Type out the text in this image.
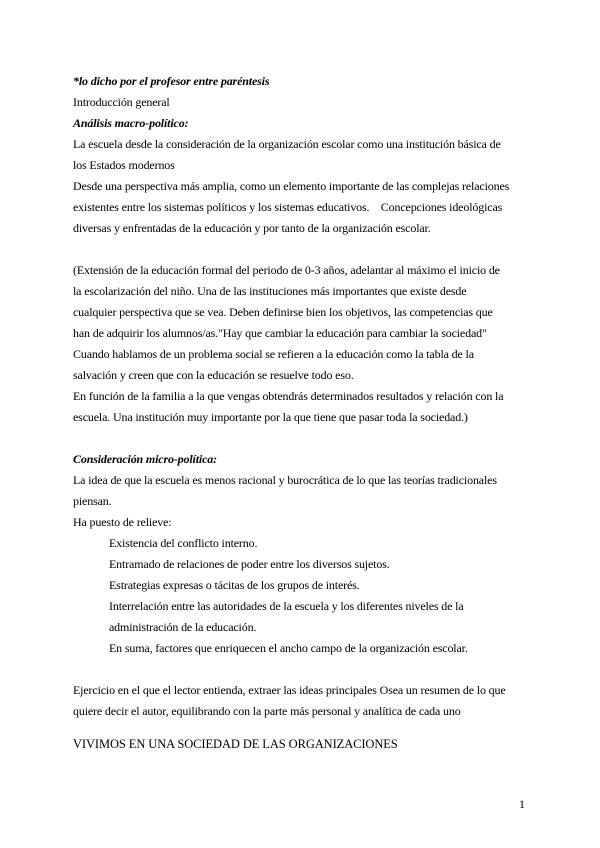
*lo dicho por el profesor entre paréntesis
Introducción general
Análisis macro-político:
La escuela desde la consideración de la organización escolar como una institución básica de
los Estados modernos
Desde una perspectiva más amplia, como un elemento importante de las complejas relaciones
existentes entre los sistemas políticos y los sistemas educativos.    Concepciones ideológicas
diversas y enfrentadas de la educación y por tanto de la organización escolar.
(Extensión de la educación formal del periodo de 0-3 años, adelantar al máximo el inicio de
la escolarización del niño. Una de las instituciones más importantes que existe desde
cualquier perspectiva que se vea. Deben definirse bien los objetivos, las competencias que
han de adquirir los alumnos/as."Hay que cambiar la educación para cambiar la sociedad"
Cuando hablamos de un problema social se refieren a la educación como la tabla de la
salvación y creen que con la educación se resuelve todo eso.
En función de la familia a la que vengas obtendrás determinados resultados y relación con la
escuela. Una institución muy importante por la que tiene que pasar toda la sociedad.)
Consideración micro-política:
La idea de que la escuela es menos racional y burocrática de lo que las teorías tradicionales
piensan.
Ha puesto de relieve:
Existencia del conflicto interno.
Entramado de relaciones de poder entre los diversos sujetos.
Estrategias expresas o tácitas de los grupos de interés.
Interrelación entre las autoridades de la escuela y los diferentes niveles de la
administración de la educación.
En suma, factores que enriquecen el ancho campo de la organización escolar.
Ejercicio en el que el lector entienda, extraer las ideas principales Osea un resumen de lo que
quiere decir el autor, equilibrando con la parte más personal y analítica de cada uno
VIVIMOS EN UNA SOCIEDAD DE LAS ORGANIZACIONES
1
